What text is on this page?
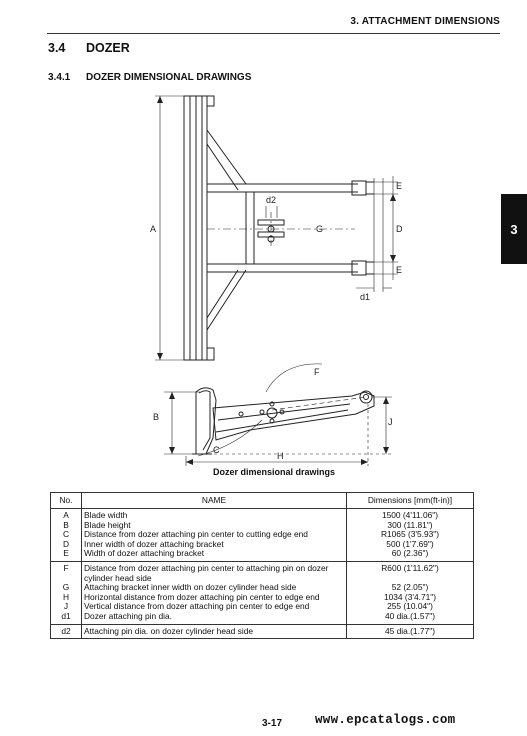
3. ATTACHMENT DIMENSIONS
3.4 DOZER
3.4.1 DOZER DIMENSIONAL DRAWINGS
3
A
E
D
E
G
d1
d2
F
B	J
C
H
Dozer dimensional drawings
No.	NAME	Dimensions [mm(ft-in)]
A	Blade width	1500 (4'11.06")
B	Blade height	300 (11.81")
C	Distance from dozer attaching pin center to cutting edge end	R1065 (3'5.93")
D	Inner width of dozer attaching bracket	500 (1'7.69")
E	Width of dozer attaching bracket	60 (2.36")
F	Distance from dozer attaching pin center to attaching pin on dozer	R600 (1'11.62")
	cylinder head side	
G	Attaching bracket inner width on dozer cylinder head side	52 (2.05")
H	Horizontal distance from dozer attaching pin center to edge end	1034 (3'4.71")
J	Vertical distance from dozer attaching pin center to edge end	255 (10.04")
d1	Dozer attaching pin dia.	40 dia.(1.57")
d2	Attaching pin dia. on dozer cylinder head side	45 dia.(1.77")
3-17	www.epcatalogs.com
